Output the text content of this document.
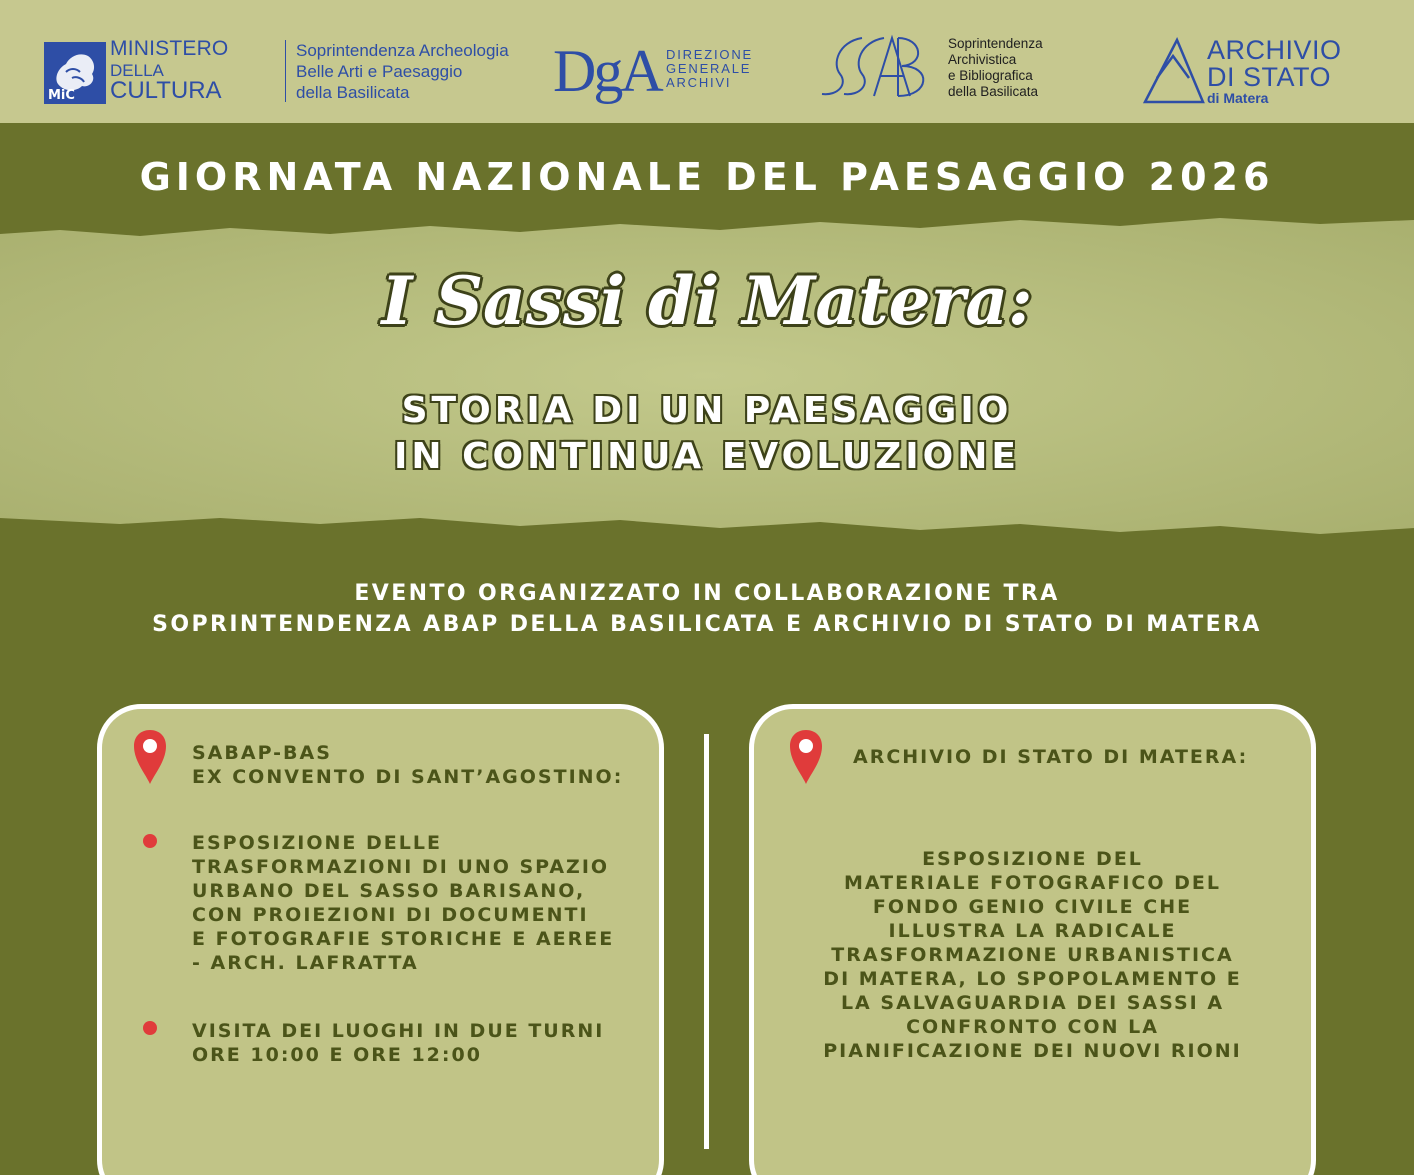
MiC
MINISTERO
DELLA
CULTURA
Soprintendenza Archeologia
Belle Arti e Paesaggio
della Basilicata	DgA DIREZIONE
GENERALE
ARCHIVI
Soprintendenza
Archivistica
e Bibliografica
della Basilicata
ARCHIVIO
DI STATO
di Matera
GIORNATA NAZIONALE DEL PAESAGGIO 2026
I Sassi di Matera:
STORIA DI UN PAESAGGIO
IN CONTINUA EVOLUZIONE
EVENTO ORGANIZZATO IN COLLABORAZIONE TRA
SOPRINTENDENZA ABAP DELLA BASILICATA E ARCHIVIO DI STATO DI MATERA
SABAP-BAS
EX CONVENTO DI SANT’AGOSTINO:
ESPOSIZIONE DELLE
TRASFORMAZIONI DI UNO SPAZIO
URBANO DEL SASSO BARISANO,
CON PROIEZIONI DI DOCUMENTI
E FOTOGRAFIE STORICHE E AEREE
- ARCH. LAFRATTA
VISITA DEI LUOGHI IN DUE TURNI
ORE 10:00 E ORE 12:00
ARCHIVIO DI STATO DI MATERA:
ESPOSIZIONE DEL
MATERIALE FOTOGRAFICO DEL
FONDO GENIO CIVILE CHE
ILLUSTRA LA RADICALE
TRASFORMAZIONE URBANISTICA
DI MATERA, LO SPOPOLAMENTO E
LA SALVAGUARDIA DEI SASSI A
CONFRONTO CON LA
PIANIFICAZIONE DEI NUOVI RIONI
